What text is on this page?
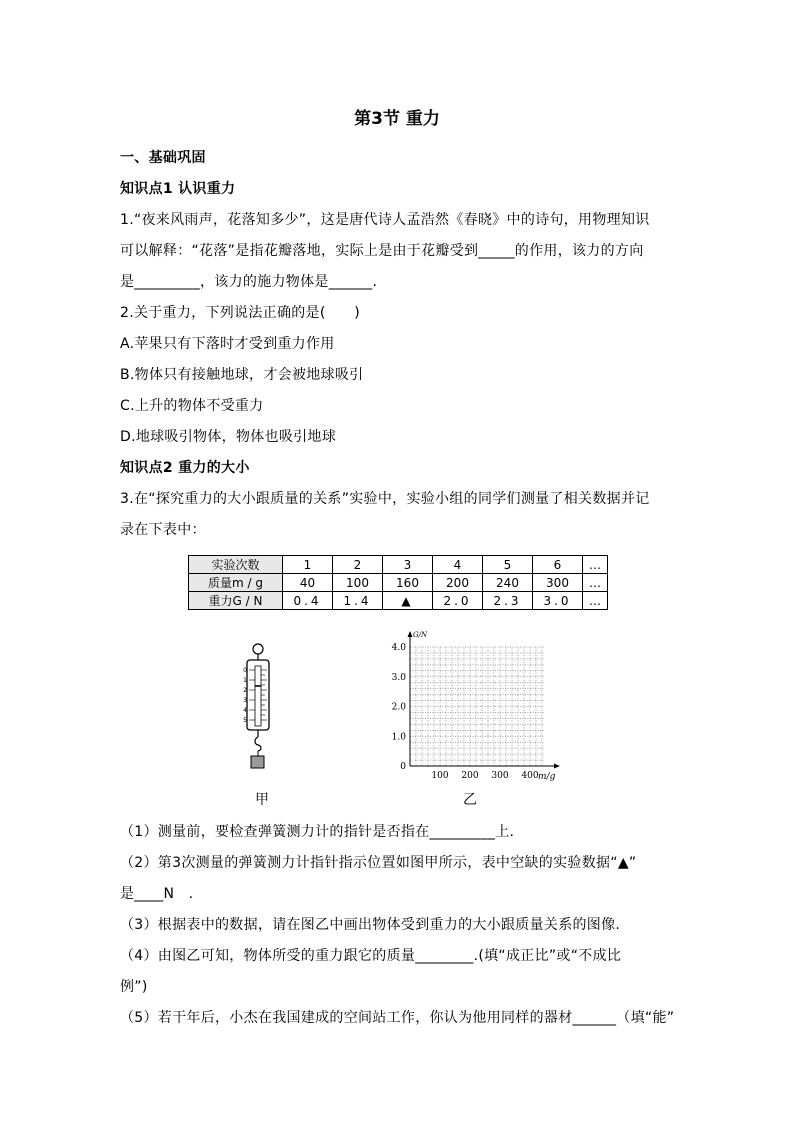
第3节 重力
一、基础巩固
知识点1 认识重力
1.“夜来风雨声，花落知多少”，这是唐代诗人孟浩然《春晓》中的诗句，用物理知识
可以解释：“花落”是指花瓣落地，实际上是由于花瓣受到_____的作用，该力的方向
是_________，该力的施力物体是______.
2.关于重力，下列说法正确的是(　　)
A.苹果只有下落时才受到重力作用
B.物体只有接触地球，才会被地球吸引
C.上升的物体不受重力
D.地球吸引物体，物体也吸引地球
知识点2 重力的大小
3.在“探究重力的大小跟质量的关系”实验中，实验小组的同学们测量了相关数据并记
录在下表中：
实验次数	1	2	3	4	5	6	…
质量m / g	40	100	160	200	240	300	…
重力G / N	0.4	1.4	▲	2.0	2.3	3.0	…
0
1
2
3
4
5
甲
G/N
m/g
0
1.0
2.0
3.0
4.0
100 200 300 400
乙
（1）测量前，要检查弹簧测力计的指针是否指在_________上.
（2）第3次测量的弹簧测力计指针指示位置如图甲所示，表中空缺的实验数据“▲”
是____N　.
（3）根据表中的数据，请在图乙中画出物体受到重力的大小跟质量关系的图像.
（4）由图乙可知，物体所受的重力跟它的质量________.(填“成正比”或“不成比
例”)
（5）若干年后，小杰在我国建成的空间站工作，你认为他用同样的器材______（填“能”
